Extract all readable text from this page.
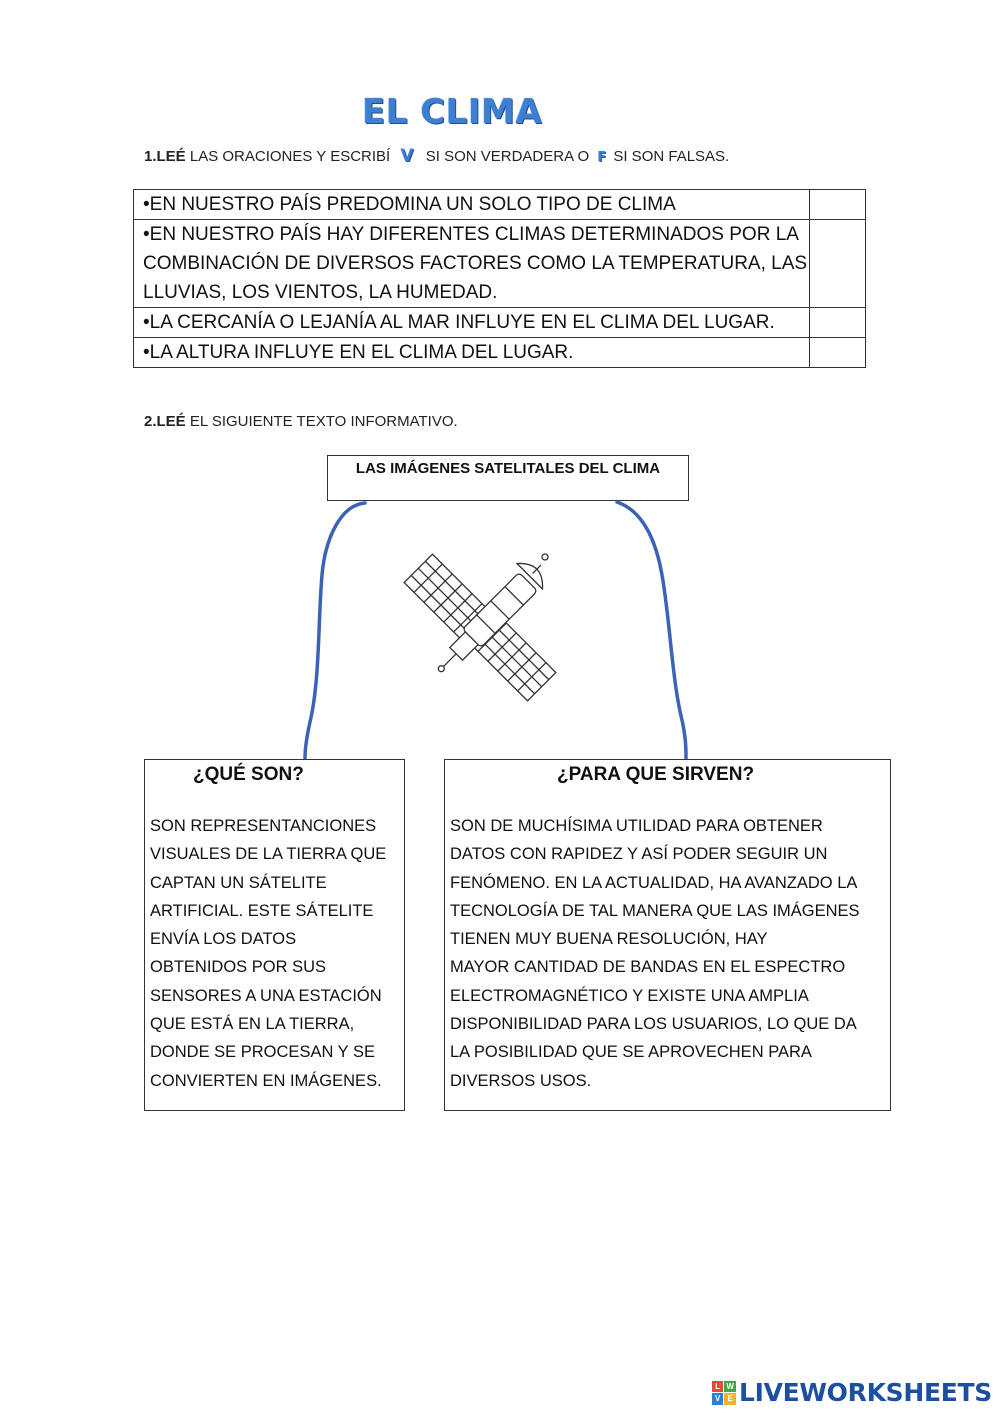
EL CLIMA
1.LEÉ LAS ORACIONES Y ESCRIBÍ V SI SON VERDADERA O F SI SON FALSAS.
•EN NUESTRO PAÍS PREDOMINA UN SOLO TIPO DE CLIMA	
•EN NUESTRO PAÍS HAY DIFERENTES CLIMAS DETERMINADOS POR LA COMBINACIÓN DE DIVERSOS FACTORES COMO LA TEMPERATURA, LAS LLUVIAS, LOS VIENTOS, LA HUMEDAD.	
•LA CERCANÍA O LEJANÍA AL MAR INFLUYE EN EL CLIMA DEL LUGAR.	
•LA ALTURA INFLUYE EN EL CLIMA DEL LUGAR.	
2.LEÉ EL SIGUIENTE TEXTO INFORMATIVO.
LAS IMÁGENES SATELITALES DEL CLIMA
¿QUÉ SON?
SON REPRESENTANCIONES
VISUALES DE LA TIERRA QUE
CAPTAN UN SÁTELITE
ARTIFICIAL. ESTE SÁTELITE
ENVÍA LOS DATOS
OBTENIDOS POR SUS
SENSORES A UNA ESTACIÓN
QUE ESTÁ EN LA TIERRA,
DONDE SE PROCESAN Y SE
CONVIERTEN EN IMÁGENES.
¿PARA QUE SIRVEN?
SON DE MUCHÍSIMA UTILIDAD PARA OBTENER
DATOS CON RAPIDEZ Y ASÍ PODER SEGUIR UN
FENÓMENO. EN LA ACTUALIDAD, HA AVANZADO LA
TECNOLOGÍA DE TAL MANERA QUE LAS IMÁGENES
TIENEN MUY BUENA RESOLUCIÓN, HAY
MAYOR CANTIDAD DE BANDAS EN EL ESPECTRO
ELECTROMAGNÉTICO Y EXISTE UNA AMPLIA
DISPONIBILIDAD PARA LOS USUARIOS, LO QUE DA
LA POSIBILIDAD QUE SE APROVECHEN PARA
DIVERSOS USOS.
L W
V E LIVEWORKSHEETS
